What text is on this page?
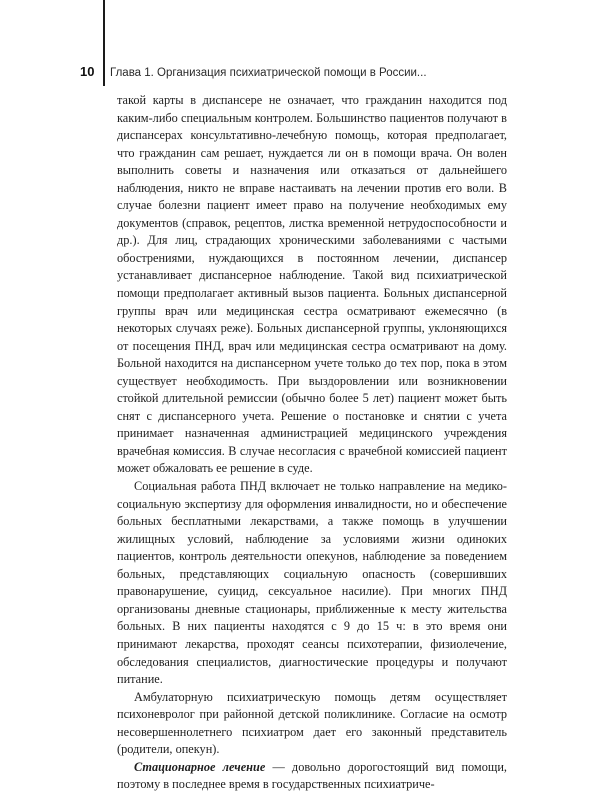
10	Глава 1. Организация психиатрической помощи в России...

такой карты в диспансере не означает, что гражданин находится под каким-либо специальным контролем. Большинство пациентов получают в диспансерах консультативно-лечебную помощь, которая предполагает, что гражданин сам решает, нуждается ли он в помощи врача. Он волен выполнить советы и назначения или отказаться от дальнейшего наблюдения, никто не вправе настаивать на лечении против его воли. В случае болезни пациент имеет право на получение необходимых ему документов (справок, рецептов, листка временной нетрудоспособности и др.). Для лиц, страдающих хроническими заболеваниями с частыми обострениями, нуждающихся в постоянном лечении, диспансер устанавливает диспансерное наблюдение. Такой вид психиатрической помощи предполагает активный вызов пациента. Больных диспансерной группы врач или медицинская сестра осматривают ежемесячно (в некоторых случаях реже). Больных диспансерной группы, уклоняющихся от посещения ПНД, врач или медицинская сестра осматривают на дому. Больной находится на диспансерном учете только до тех пор, пока в этом существует необходимость. При выздоровлении или возникновении стойкой длительной ремиссии (обычно более 5 лет) пациент может быть снят с диспансерного учета. Решение о постановке и снятии с учета принимает назначенная администрацией медицинского учреждения врачебная комиссия. В случае несогласия с врачебной комиссией пациент может обжаловать ее решение в суде.

Социальная работа ПНД включает не только направление на медико-социальную экспертизу для оформления инвалидности, но и обеспечение больных бесплатными лекарствами, а также помощь в улучшении жилищных условий, наблюдение за условиями жизни одиноких пациентов, контроль деятельности опекунов, наблюдение за поведением больных, представляющих социальную опасность (совершивших правонарушение, суицид, сексуальное насилие). При многих ПНД организованы дневные стационары, приближенные к месту жительства больных. В них пациенты находятся с 9 до 15 ч: в это время они принимают лекарства, проходят сеансы психотерапии, физиолечение, обследования специалистов, диагностические процедуры и получают питание.

Амбулаторную психиатрическую помощь детям осуществляет психоневролог при районной детской поликлинике. Согласие на осмотр несовершеннолетнего психиатром дает его законный представитель (родители, опекун).

Стационарное лечение — довольно дорогостоящий вид помощи, поэтому в последнее время в государственных психиатриче-
